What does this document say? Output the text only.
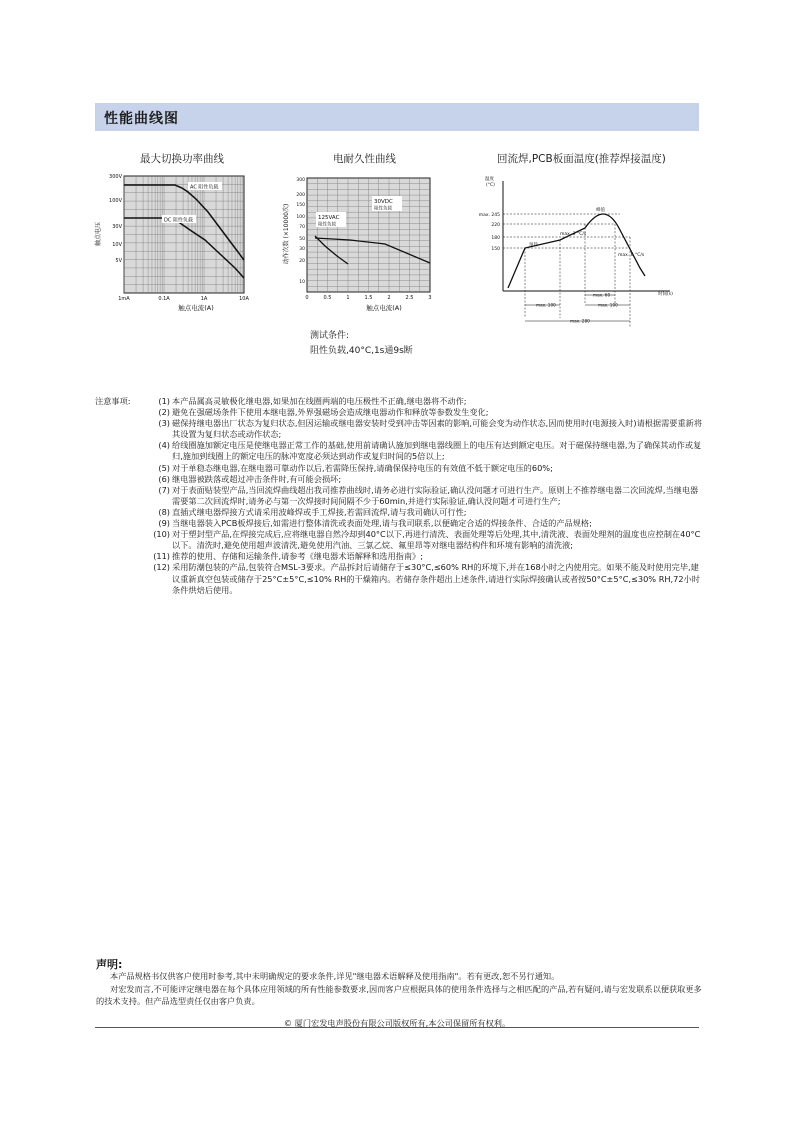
性能曲线图
最大切换功率曲线	电耐久性曲线	回流焊,PCB板面温度(推荐焊接温度)
AC 阻性负载
DC 阻性负载
300V
100V
30V
10V
5V
1mA	0.1A	1A	10A
触点电压
触点电流(A)
125VAC
阻性负载
30VDC
阻性负载
300
200
150
100
70
50
30
20
10
0	0.5	1	1.5	2	2.5	3
动作次数 (×10000次)
触点电流(A)
测试条件:
阻性负载,40°C,1s通9s断
温度
(°C)
时间(s)
max. 245
220
180
150
预热
峰值
max. 3 °C/s
max. 6 °C/s
max. 60
max. 100	max. 100
max. 280
注意事项:	(1) 本产品属高灵敏极化继电器,如果加在线圈两端的电压极性不正确,继电器将不动作;
(2) 避免在强磁场条件下使用本继电器,外界强磁场会造成继电器动作和释放等参数发生变化;
(3) 磁保持继电器出厂状态为复归状态,但因运输或继电器安装时受到冲击等因素的影响,可能会变为动作状态,因而使用时(电源接入时)请根据需要重新将其设置为复归状态或动作状态;
(4) 给线圈施加额定电压是使继电器正常工作的基础,使用前请确认施加到继电器线圈上的电压有达到额定电压。对于磁保持继电器,为了确保其动作或复归,施加到线圈上的额定电压的脉冲宽度必须达到动作或复归时间的5倍以上;
(5) 对于单稳态继电器,在继电器可靠动作以后,若需降压保持,请确保保持电压的有效值不低于额定电压的60%;
(6) 继电器被跌落或超过冲击条件时,有可能会损坏;
(7) 对于表面贴装型产品,当回流焊曲线超出我司推荐曲线时,请务必进行实际验证,确认没问题才可进行生产。原则上不推荐继电器二次回流焊,当继电器需要第二次回流焊时,请务必与第一次焊接时间间隔不少于60min,并进行实际验证,确认没问题才可进行生产;
(8) 直插式继电器焊接方式请采用波峰焊或手工焊接,若需回流焊,请与我司确认可行性;
(9) 当继电器装入PCB板焊接后,如需进行整体清洗或表面处理,请与我司联系,以便确定合适的焊接条件、合适的产品规格;
(10) 对于塑封型产品,在焊接完成后,应将继电器自然冷却到40°C以下,再进行清洗、表面处理等后处理,其中,清洗液、表面处理剂的温度也应控制在40°C以下。清洗时,避免使用超声波清洗,避免使用汽油、三氯乙烷、氟里昂等对继电器结构件和环境有影响的清洗液;
(11) 推荐的使用、存储和运输条件,请参考《继电器术语解释和选用指南》;
(12) 采用防潮包装的产品,包装符合MSL-3要求。产品拆封后请储存于≤30°C,≤60% RH的环境下,并在168小时之内使用完。如果不能及时使用完毕,建议重新真空包装或储存于25°C±5°C,≤10% RH的干燥箱内。若储存条件超出上述条件,请进行实际焊接确认或者按50°C±5°C,≤30% RH,72小时条件烘焙后使用。
声明:
本产品规格书仅供客户使用时参考,其中未明确规定的要求条件,详见"继电器术语解释及使用指南"。若有更改,恕不另行通知。
对宏发而言,不可能评定继电器在每个具体应用领域的所有性能参数要求,因而客户应根据具体的使用条件选择与之相匹配的产品,若有疑问,请与宏发联系以便获取更多的技术支持。但产品选型责任仅由客户负责。
© 厦门宏发电声股份有限公司版权所有,本公司保留所有权利。
